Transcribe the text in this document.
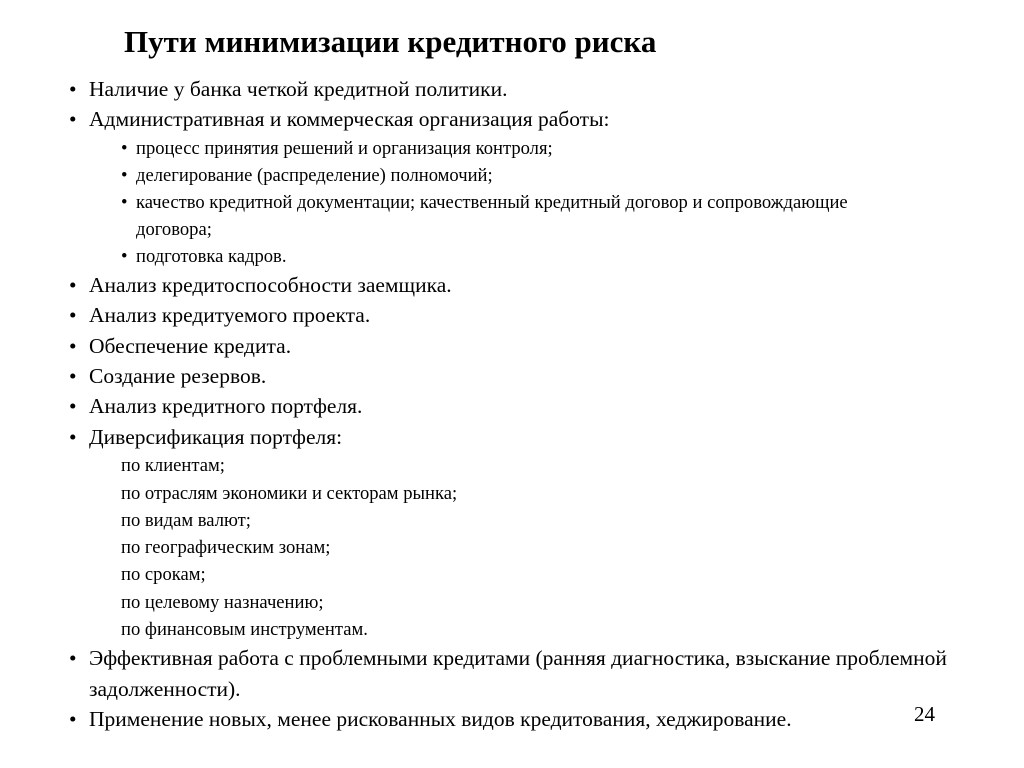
Пути минимизации кредитного риска
• Наличие у банка четкой кредитной политики.
• Административная и коммерческая организация работы:
• процесс принятия решений и организация контроля;
• делегирование (распределение) полномочий;
• качество кредитной документации; качественный кредитный договор и сопровождающие договора;
• подготовка кадров.
• Анализ кредитоспособности заемщика.
• Анализ кредитуемого проекта.
• Обеспечение кредита.
• Создание резервов.
• Анализ кредитного портфеля.
• Диверсификация портфеля:
по клиентам;
по отраслям экономики и секторам рынка;
по видам валют;
по географическим зонам;
по срокам;
по целевому назначению;
по финансовым инструментам.
• Эффективная работа с проблемными кредитами (ранняя диагностика, взыскание проблемной задолженности).
• Применение новых, менее рискованных видов кредитования, хеджирование.	24
